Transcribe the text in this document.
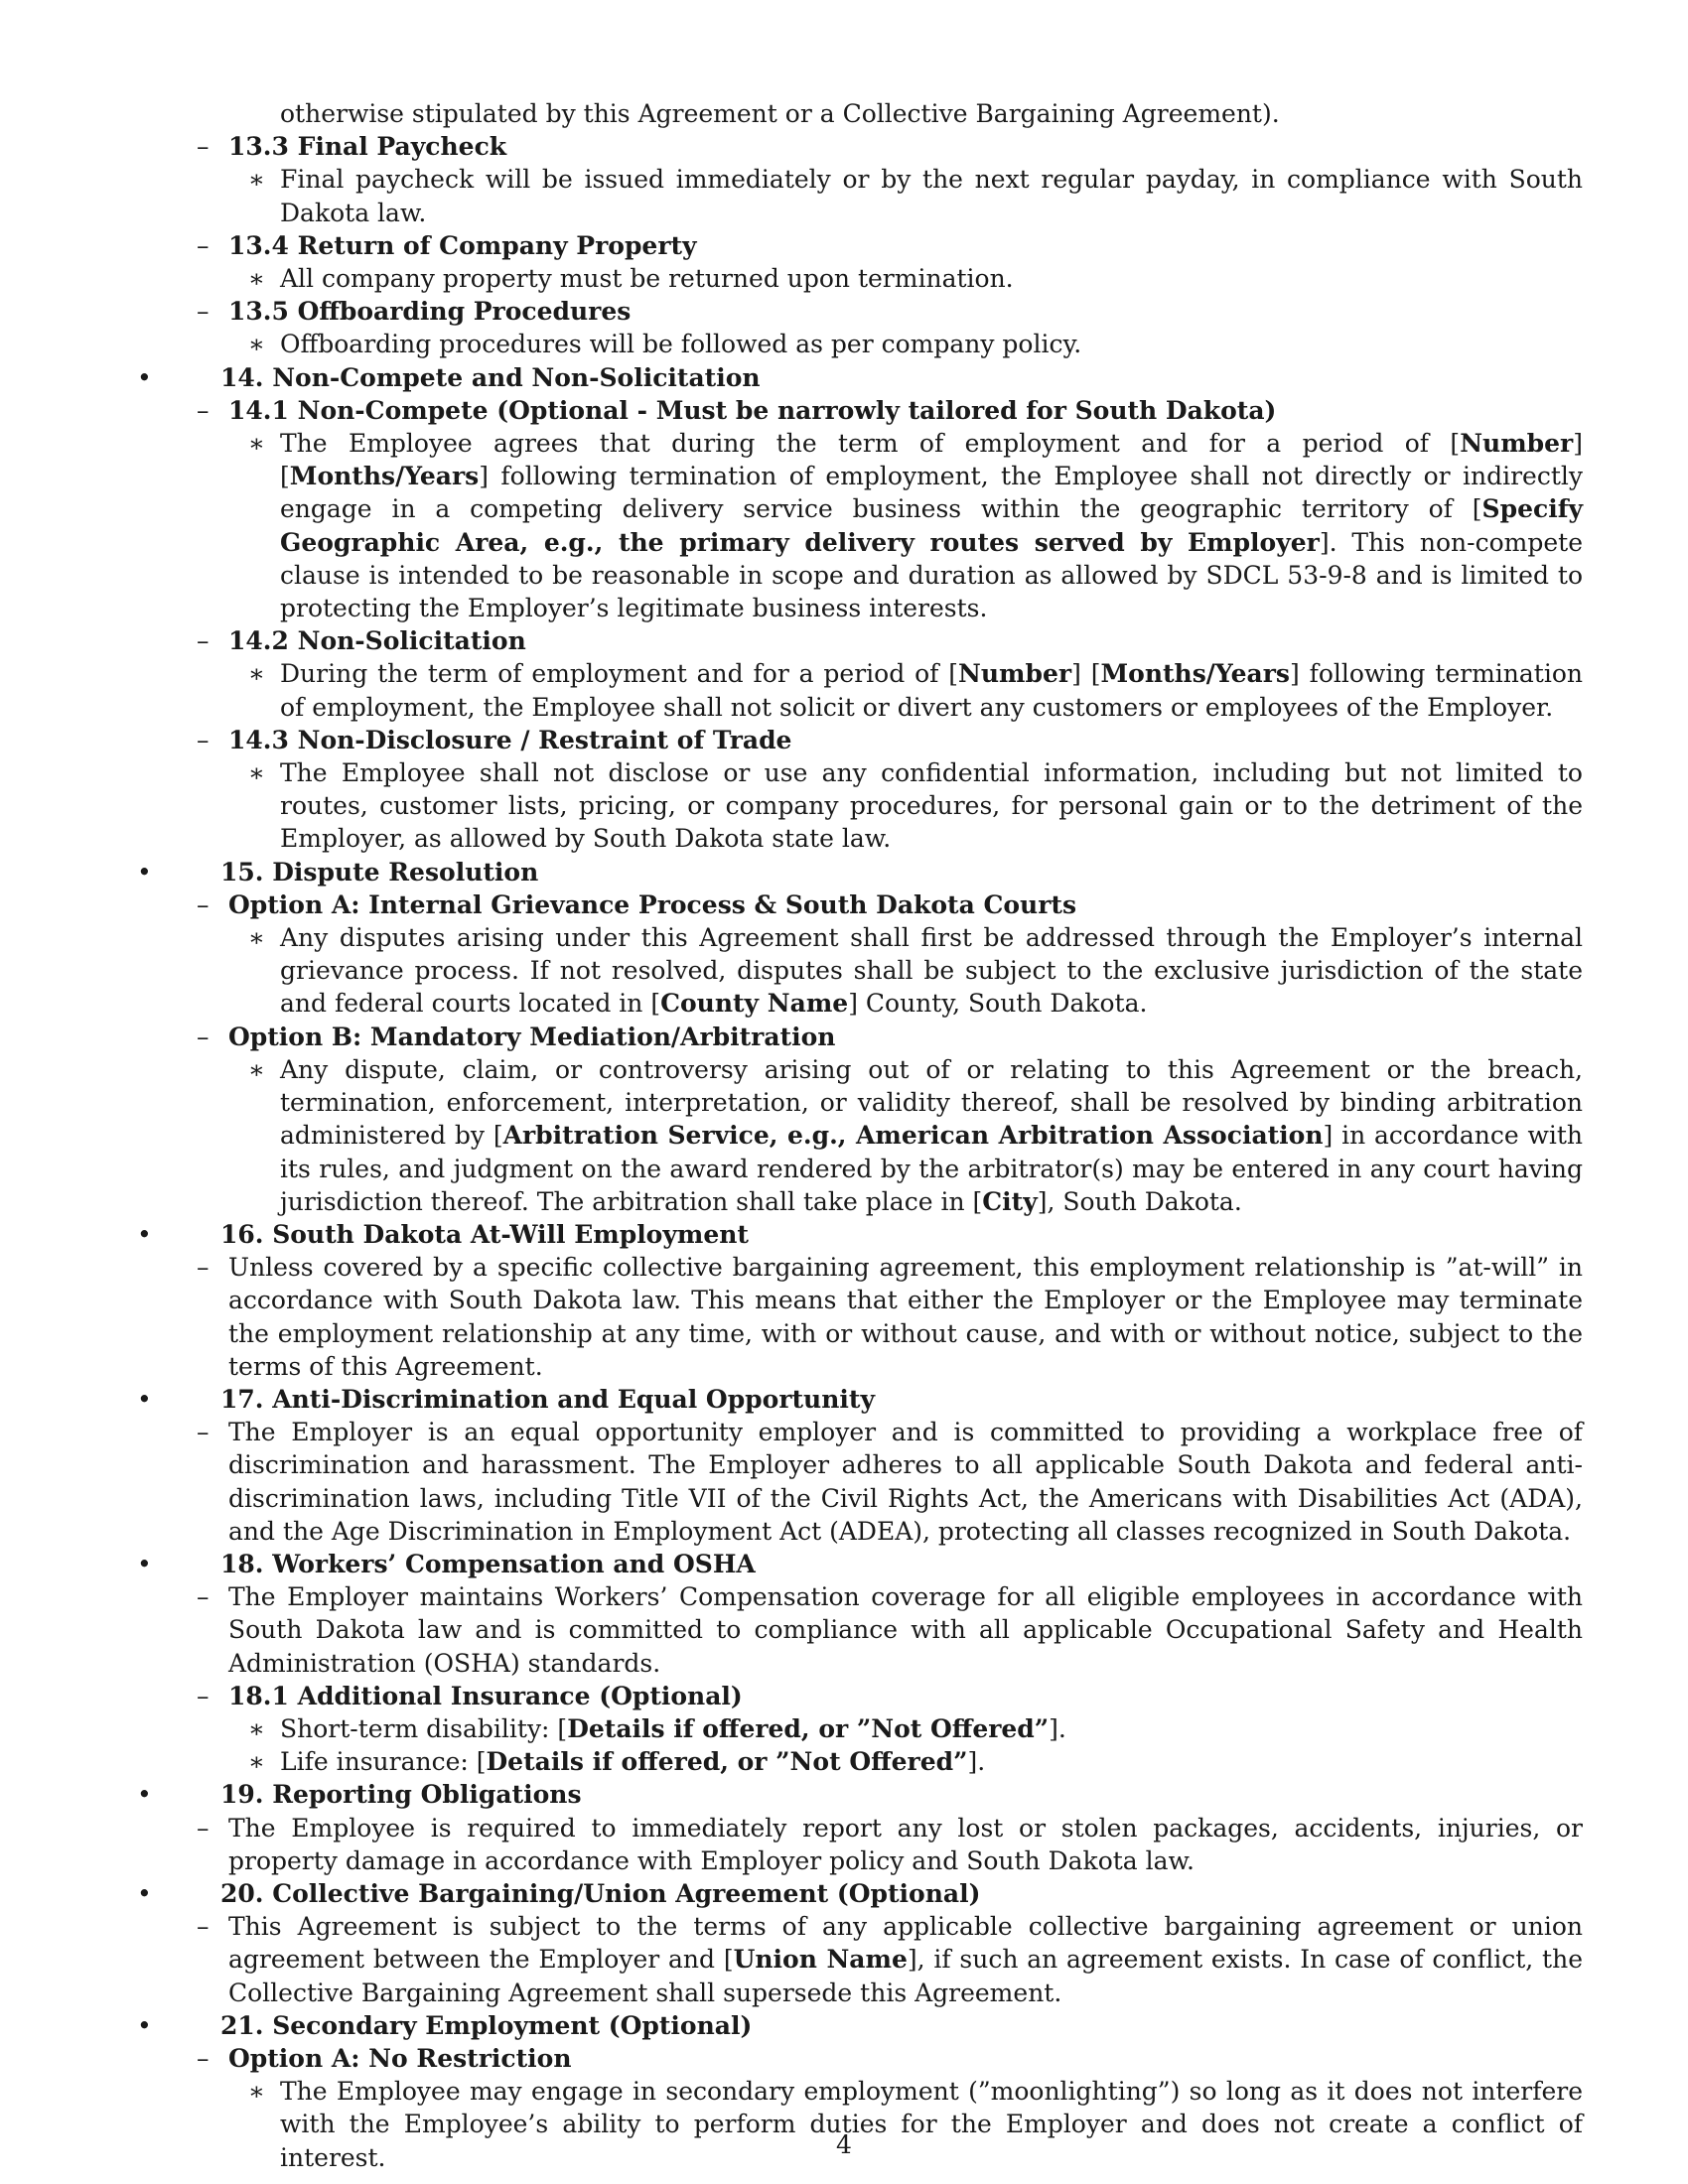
otherwise stipulated by this Agreement or a Collective Bargaining Agreement).
– 13.3 Final Paycheck
∗ Final paycheck will be issued immediately or by the next regular payday, in compliance with South Dakota law.
– 13.4 Return of Company Property
∗ All company property must be returned upon termination.
– 13.5 Offboarding Procedures
∗ Offboarding procedures will be followed as per company policy.
•	14. Non-Compete and Non-Solicitation
– 14.1 Non-Compete (Optional - Must be narrowly tailored for South Dakota)
∗ The Employee agrees that during the term of employment and for a period of [Number] [Months/Years] following termination of employment, the Employee shall not directly or indirectly engage in a competing delivery service business within the geographic territory of [Specify Geographic Area, e.g., the primary delivery routes served by Employer]. This non-compete clause is intended to be reasonable in scope and duration as allowed by SDCL 53-9-8 and is limited to protecting the Employer’s legitimate business interests.
– 14.2 Non-Solicitation
∗ During the term of employment and for a period of [Number] [Months/Years] following termination of employment, the Employee shall not solicit or divert any customers or employees of the Employer.
– 14.3 Non-Disclosure / Restraint of Trade
∗ The Employee shall not disclose or use any confidential information, including but not limited to routes, customer lists, pricing, or company procedures, for personal gain or to the detriment of the Employer, as allowed by South Dakota state law.
•	15. Dispute Resolution
– Option A: Internal Grievance Process & South Dakota Courts
∗ Any disputes arising under this Agreement shall first be addressed through the Employer’s internal grievance process. If not resolved, disputes shall be subject to the exclusive jurisdiction of the state and federal courts located in [County Name] County, South Dakota.
– Option B: Mandatory Mediation/Arbitration
∗ Any dispute, claim, or controversy arising out of or relating to this Agreement or the breach, termination, enforcement, interpretation, or validity thereof, shall be resolved by binding arbitration administered by [Arbitration Service, e.g., American Arbitration Association] in accordance with its rules, and judgment on the award rendered by the arbitrator(s) may be entered in any court having jurisdiction thereof. The arbitration shall take place in [City], South Dakota.
•	16. South Dakota At-Will Employment
– Unless covered by a specific collective bargaining agreement, this employment relationship is ”at-will” in accordance with South Dakota law. This means that either the Employer or the Employee may terminate the employment relationship at any time, with or without cause, and with or without notice, subject to the terms of this Agreement.
•	17. Anti-Discrimination and Equal Opportunity
– The Employer is an equal opportunity employer and is committed to providing a workplace free of discrimination and harassment. The Employer adheres to all applicable South Dakota and federal anti-discrimination laws, including Title VII of the Civil Rights Act, the Americans with Disabilities Act (ADA), and the Age Discrimination in Employment Act (ADEA), protecting all classes recognized in South Dakota.
•	18. Workers’ Compensation and OSHA
– The Employer maintains Workers’ Compensation coverage for all eligible employees in accordance with South Dakota law and is committed to compliance with all applicable Occupational Safety and Health Administration (OSHA) standards.
– 18.1 Additional Insurance (Optional)
∗ Short-term disability: [Details if offered, or ”Not Offered”].
∗ Life insurance: [Details if offered, or ”Not Offered”].
•	19. Reporting Obligations
– The Employee is required to immediately report any lost or stolen packages, accidents, injuries, or property damage in accordance with Employer policy and South Dakota law.
•	20. Collective Bargaining/Union Agreement (Optional)
– This Agreement is subject to the terms of any applicable collective bargaining agreement or union agreement between the Employer and [Union Name], if such an agreement exists. In case of conflict, the Collective Bargaining Agreement shall supersede this Agreement.
•	21. Secondary Employment (Optional)
– Option A: No Restriction
∗ The Employee may engage in secondary employment (”moonlighting”) so long as it does not interfere with the Employee’s ability to perform duties for the Employer and does not create a conflict of interest.	4
